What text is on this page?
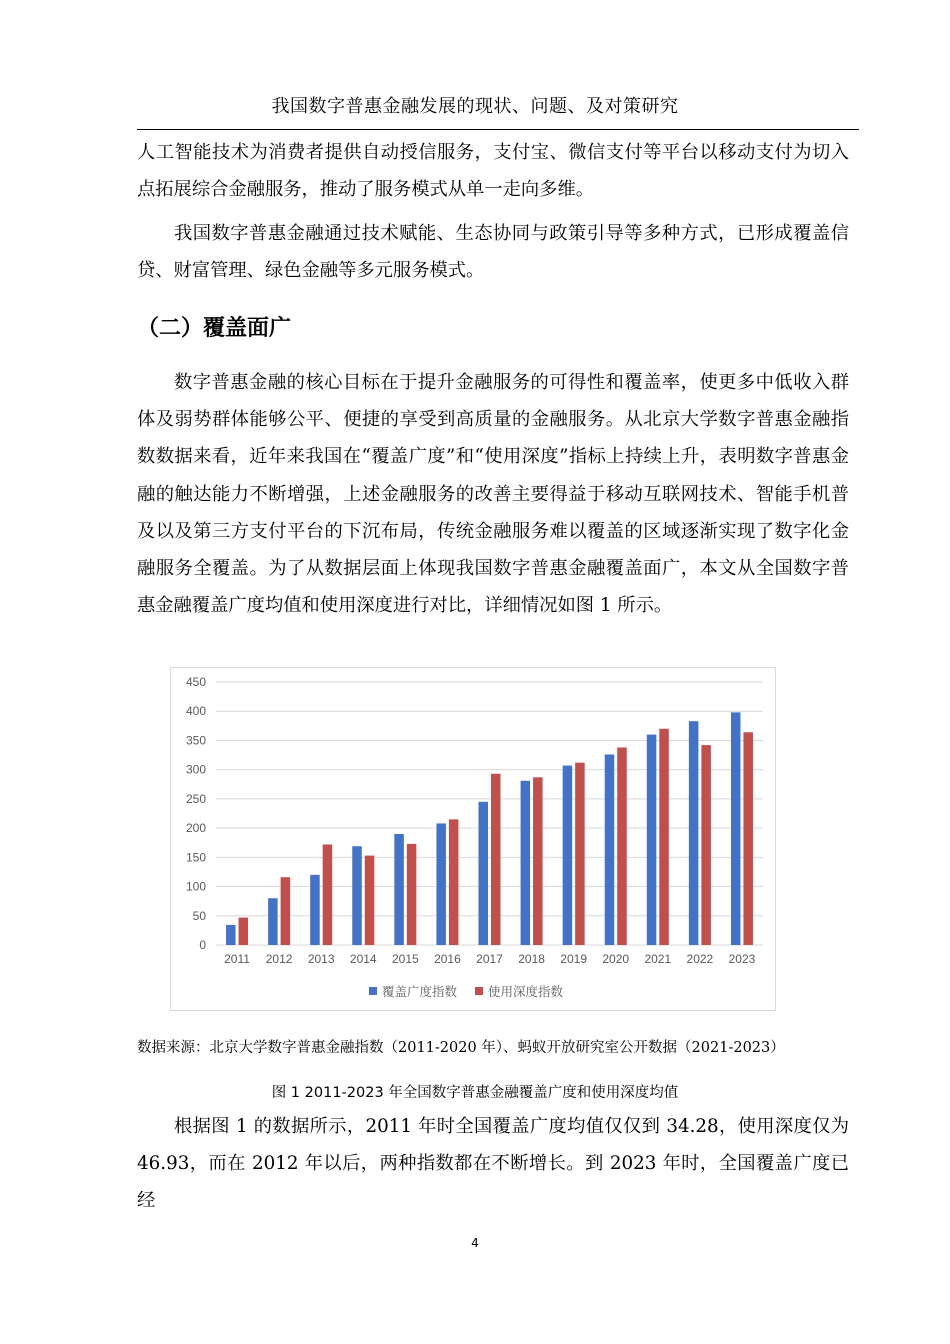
我国数字普惠金融发展的现状、问题、及对策研究

人工智能技术为消费者提供自动授信服务，支付宝、微信支付等平台以移动支付为切入点拓展综合金融服务，推动了服务模式从单一走向多维。

我国数字普惠金融通过技术赋能、生态协同与政策引导等多种方式，已形成覆盖信贷、财富管理、绿色金融等多元服务模式。

（二）覆盖面广

数字普惠金融的核心目标在于提升金融服务的可得性和覆盖率，使更多中低收入群体及弱势群体能够公平、便捷的享受到高质量的金融服务。从北京大学数字普惠金融指数数据来看，近年来我国在“覆盖广度”和“使用深度”指标上持续上升，表明数字普惠金融的触达能力不断增强，上述金融服务的改善主要得益于移动互联网技术、智能手机普及以及第三方支付平台的下沉布局，传统金融服务难以覆盖的区域逐渐实现了数字化金融服务全覆盖。为了从数据层面上体现我国数字普惠金融覆盖面广，本文从全国数字普惠金融覆盖广度均值和使用深度进行对比，详细情况如图 1 所示。

0
50
100
150
200
250
300
350
400
450
2011 2012 2013 2014 2015 2016 2017 2018 2019 2020 2021 2022 2023
覆盖广度指数 使用深度指数
数据来源：北京大学数字普惠金融指数（2011-2020 年）、蚂蚁开放研究室公开数据（2021-2023）
图 1 2011-2023 年全国数字普惠金融覆盖广度和使用深度均值

根据图 1 的数据所示，2011 年时全国覆盖广度均值仅仅到 34.28，使用深度仅为 46.93，而在 2012 年以后，两种指数都在不断增长。到 2023 年时，全国覆盖广度已经

4
